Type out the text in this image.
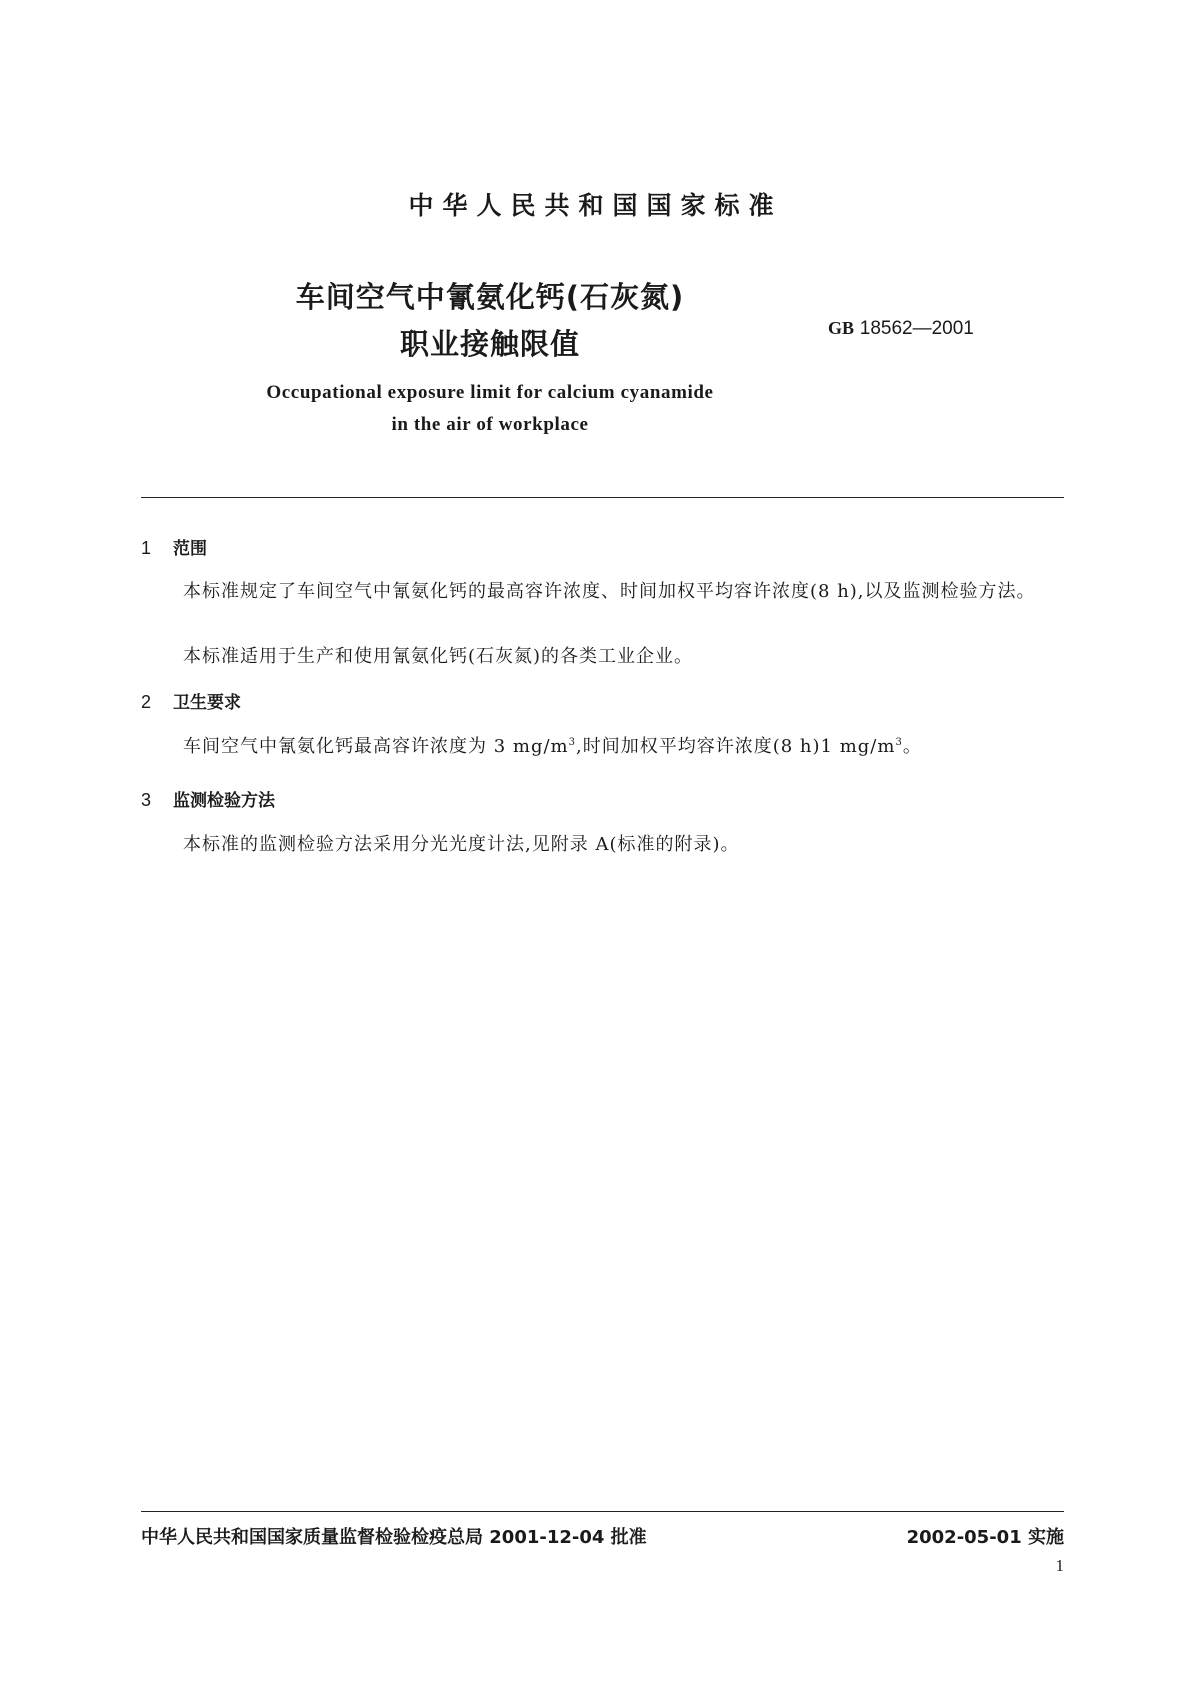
中华人民共和国国家标准
车间空气中氰氨化钙(石灰氮)
职业接触限值	GB 18562—2001
Occupational exposure limit for calcium cyanamide
in the air of workplace
1 范围
本标准规定了车间空气中氰氨化钙的最高容许浓度、时间加权平均容许浓度(8 h),以及监测检验方法。
本标准适用于生产和使用氰氨化钙(石灰氮)的各类工业企业。
2 卫生要求
车间空气中氰氨化钙最高容许浓度为 3 $mg/m^3$,时间加权平均容许浓度(8 h)1 $mg/m^3$。
3 监测检验方法
本标准的监测检验方法采用分光光度计法,见附录 A(标准的附录)。
中华人民共和国国家质量监督检验检疫总局 2001-12-04 批准	2002-05-01 实施
1
